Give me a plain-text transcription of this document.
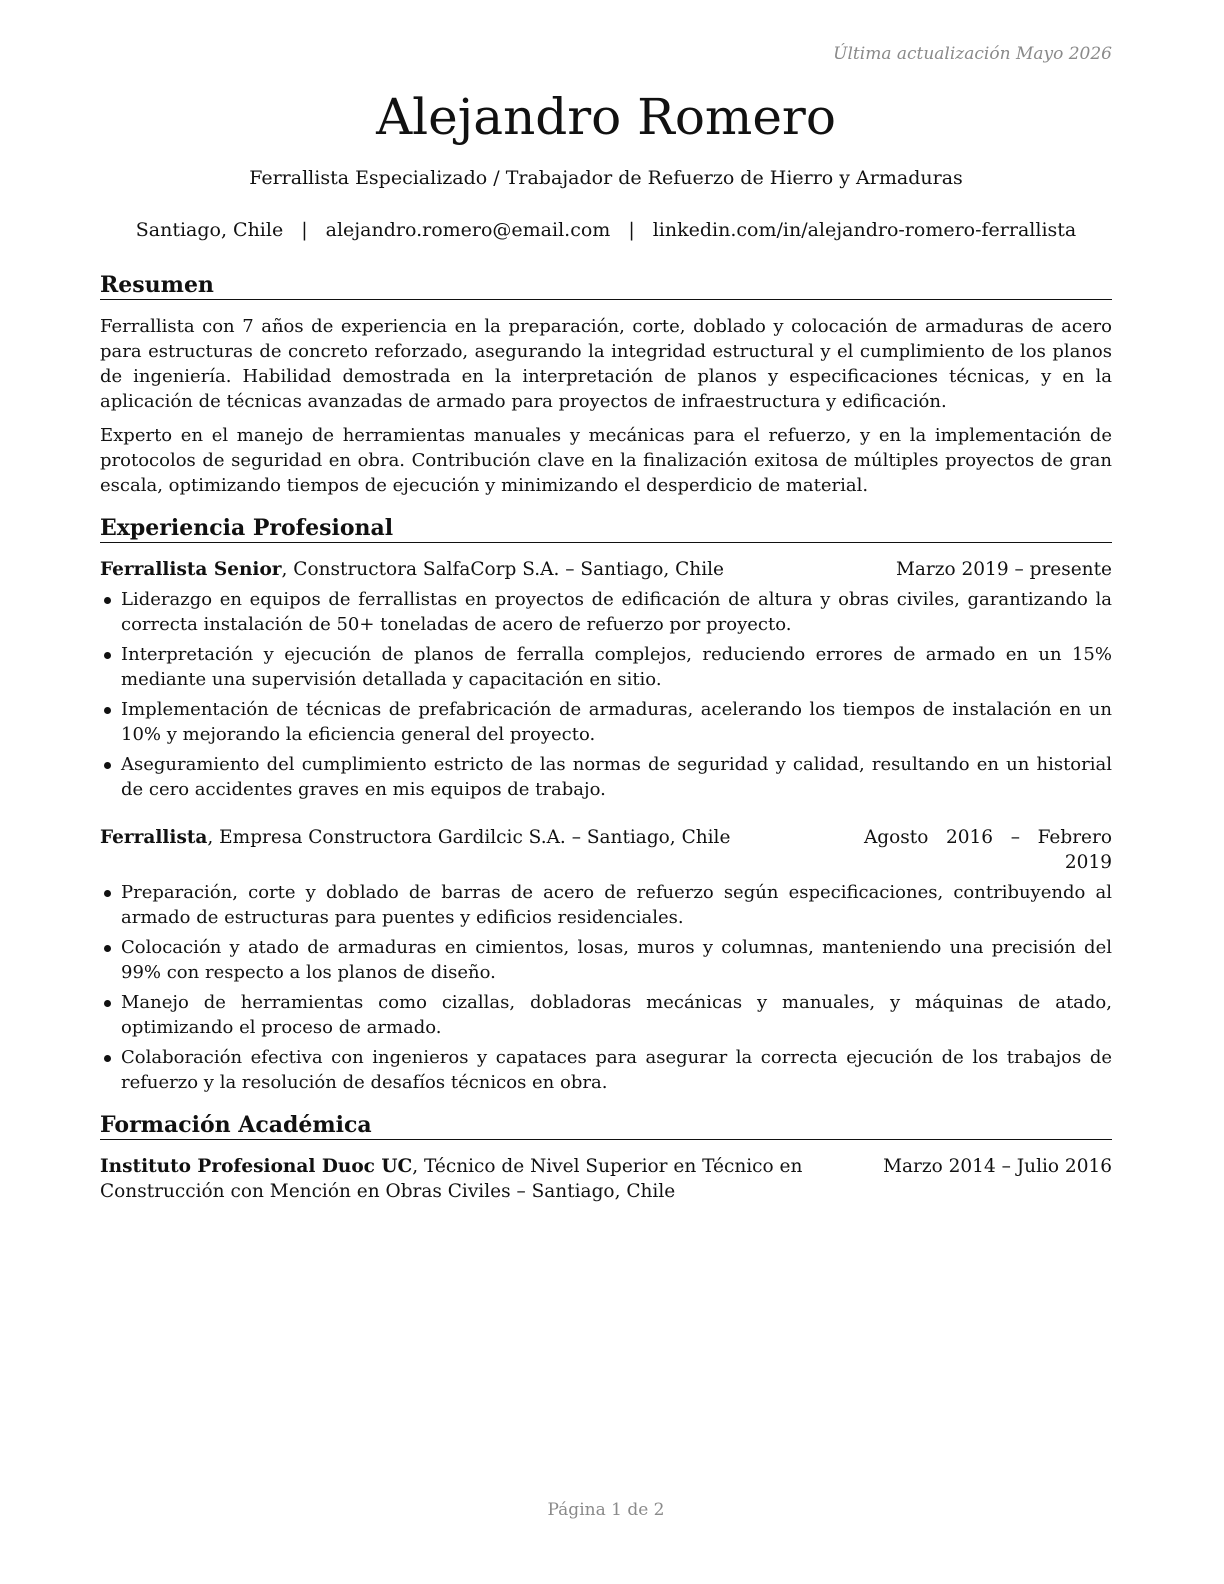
Última actualización Mayo 2026
Alejandro Romero
Ferrallista Especializado / Trabajador de Refuerzo de Hierro y Armaduras
Santiago, Chile | alejandro.romero@email.com | linkedin.com/in/alejandro-romero-ferrallista
Resumen

Ferrallista con 7 años de experiencia en la preparación, corte, doblado y colocación de armaduras de acero para estructuras de concreto reforzado, asegurando la integridad estructural y el cumplimiento de los planos de ingeniería. Habilidad demostrada en la interpretación de planos y especificaciones técnicas, y en la aplicación de técnicas avanzadas de armado para proyectos de infraestructura y edificación.

Experto en el manejo de herramientas manuales y mecánicas para el refuerzo, y en la implementación de protocolos de seguridad en obra. Contribución clave en la finalización exitosa de múltiples proyectos de gran escala, optimizando tiempos de ejecución y minimizando el desperdicio de material.

Experiencia Profesional
Ferrallista Senior, Constructora SalfaCorp S.A. – Santiago, Chile	Marzo 2019 – presente
Liderazgo en equipos de ferrallistas en proyectos de edificación de altura y obras civiles, garantizando la correcta instalación de 50+ toneladas de acero de refuerzo por proyecto.
Interpretación y ejecución de planos de ferralla complejos, reduciendo errores de armado en un 15% mediante una supervisión detallada y capacitación en sitio.
Implementación de técnicas de prefabricación de armaduras, acelerando los tiempos de instalación en un 10% y mejorando la eficiencia general del proyecto.
Aseguramiento del cumplimiento estricto de las normas de seguridad y calidad, resultando en un historial de cero accidentes graves en mis equipos de trabajo.
Ferrallista, Empresa Constructora Gardilcic S.A. – Santiago, Chile	Agosto   2016   –   Febrero
2019
Preparación, corte y doblado de barras de acero de refuerzo según especificaciones, contribuyendo al armado de estructuras para puentes y edificios residenciales.
Colocación y atado de armaduras en cimientos, losas, muros y columnas, manteniendo una precisión del 99% con respecto a los planos de diseño.
Manejo de herramientas como cizallas, dobladoras mecánicas y manuales, y máquinas de atado, optimizando el proceso de armado.
Colaboración efectiva con ingenieros y capataces para asegurar la correcta ejecución de los trabajos de refuerzo y la resolución de desafíos técnicos en obra.
Formación Académica
Instituto Profesional Duoc UC, Técnico de Nivel Superior en Técnico en Construcción con Mención en Obras Civiles – Santiago, Chile
Marzo 2014 – Julio 2016
Página 1 de 2
